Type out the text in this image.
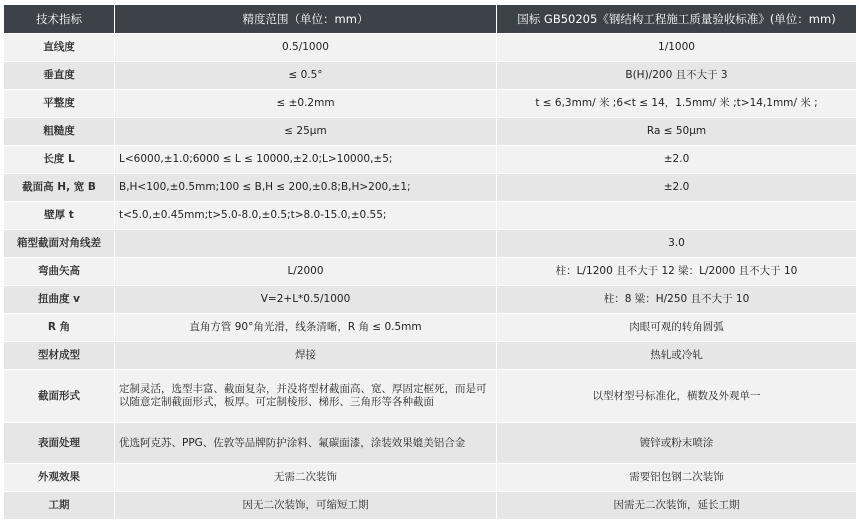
技术指标	精度范围（单位：mm）	国标 GB50205《钢结构工程施工质量验收标准》(单位：mm)
直线度	0.5/1000	1/1000
垂直度	≤ 0.5°	B(H)/200 且不大于 3
平整度	≤ ±0.2mm	t ≤ 6,3mm/ 米 ;6<t ≤ 14，1.5mm/ 米 ;t>14,1mm/ 米 ;
粗糙度	≤ 25μm	Ra ≤ 50μm
长度 L	L<6000,±1.0;6000 ≤ L ≤ 10000,±2.0;L>10000,±5;	±2.0
截面高 H, 宽 B	B,H<100,±0.5mm;100 ≤ B,H ≤ 200,±0.8;B,H>200,±1;	±2.0
壁厚 t	t<5.0,±0.45mm;t>5.0-8.0,±0.5;t>8.0-15.0,±0.55;	
箱型截面对角线差		3.0
弯曲矢高	L/2000	柱：L/1200 且不大于 12 梁：L/2000 且不大于 10
扭曲度 v	V=2+L*0.5/1000	柱：8 梁：H/250 且不大于 10
R 角	直角方管 90°角光滑，线条清晰，R 角 ≤ 0.5mm	肉眼可观的转角圆弧
型材成型	焊接	热轧或冷轧
截面形式	定制灵活，选型丰富、截面复杂，并没将型材截面高、宽、厚固定框死，而是可以随意定制截面形式，板厚。可定制棱形、梯形、三角形等各种截面	以型材型号标准化，横数及外观单一
表面处理	优选阿克苏、PPG、佐敦等品牌防护涂料、氟碳面漆，涂装效果媲美铝合金	镀锌或粉末喷涂
外观效果	无需二次装饰	需要铝包钢二次装饰
工期	因无二次装饰，可缩短工期	因需无二次装饰，延长工期
